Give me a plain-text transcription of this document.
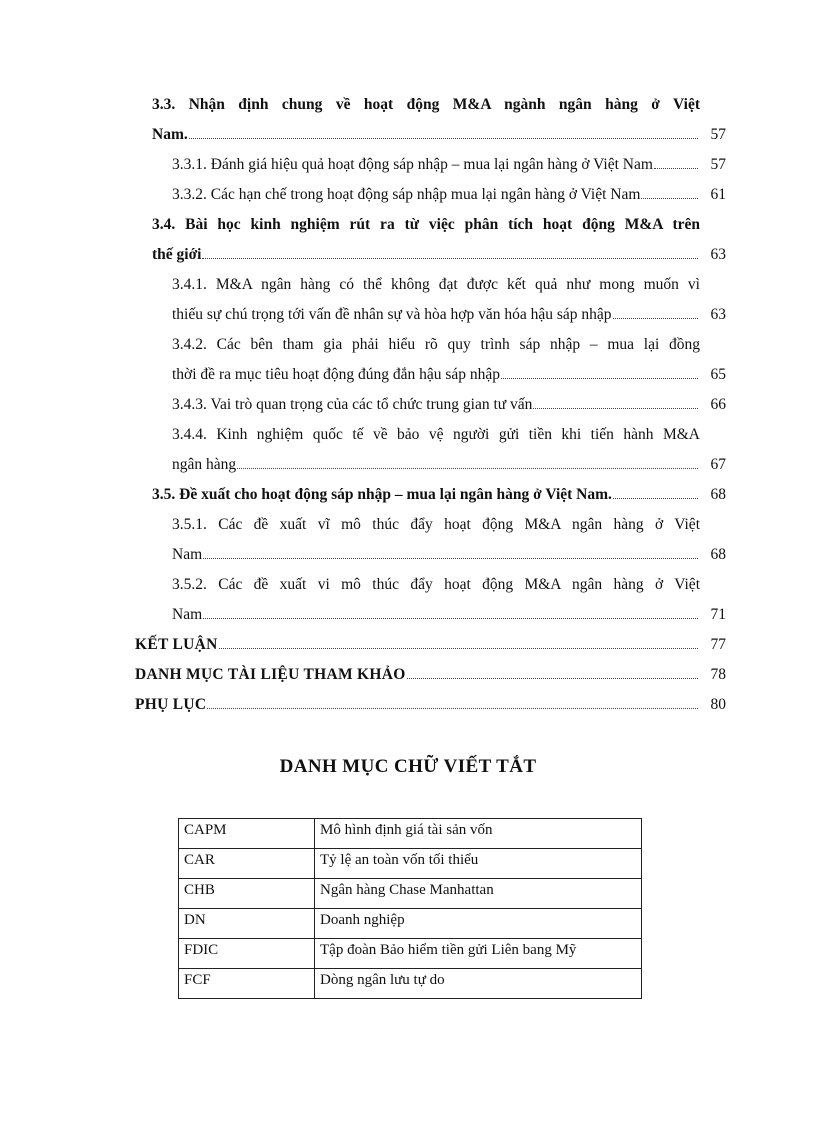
3.3. Nhận định chung về hoạt động M&A ngành ngân hàng ở Việt
Nam.	57
3.3.1. Đánh giá hiệu quả hoạt động sáp nhập – mua lại ngân hàng ở Việt Nam	57
3.3.2. Các hạn chế trong hoạt động sáp nhập mua lại ngân hàng ở Việt Nam	61
3.4. Bài học kinh nghiệm rút ra từ việc phân tích hoạt động M&A trên
thế giới	63
3.4.1. M&A ngân hàng có thể không đạt được kết quả như mong muốn vì
thiếu sự chú trọng tới vấn đề nhân sự và hòa hợp văn hóa hậu sáp nhập	63
3.4.2. Các bên tham gia phải hiểu rõ quy trình sáp nhập – mua lại đồng
thời đề ra mục tiêu hoạt động đúng đắn hậu sáp nhập	65
3.4.3. Vai trò quan trọng của các tổ chức trung gian tư vấn	66
3.4.4. Kinh nghiệm quốc tế về bảo vệ người gửi tiền khi tiến hành M&A
ngân hàng	67
3.5. Đề xuất cho hoạt động sáp nhập – mua lại ngân hàng ở Việt Nam.	68
3.5.1. Các đề xuất vĩ mô thúc đẩy hoạt động M&A ngân hàng ở Việt
Nam	68
3.5.2. Các đề xuất vi mô thúc đẩy hoạt động M&A ngân hàng ở Việt
Nam	71
KẾT LUẬN	77
DANH MỤC TÀI LIỆU THAM KHẢO	78
PHỤ LỤC	80
DANH MỤC CHỮ VIẾT TẮT
CAPM	Mô hình định giá tài sản vốn
CAR	Tỷ lệ an toàn vốn tối thiểu
CHB	Ngân hàng Chase Manhattan
DN	Doanh nghiệp
FDIC	Tập đoàn Bảo hiểm tiền gửi Liên bang Mỹ
FCF	Dòng ngân lưu tự do
